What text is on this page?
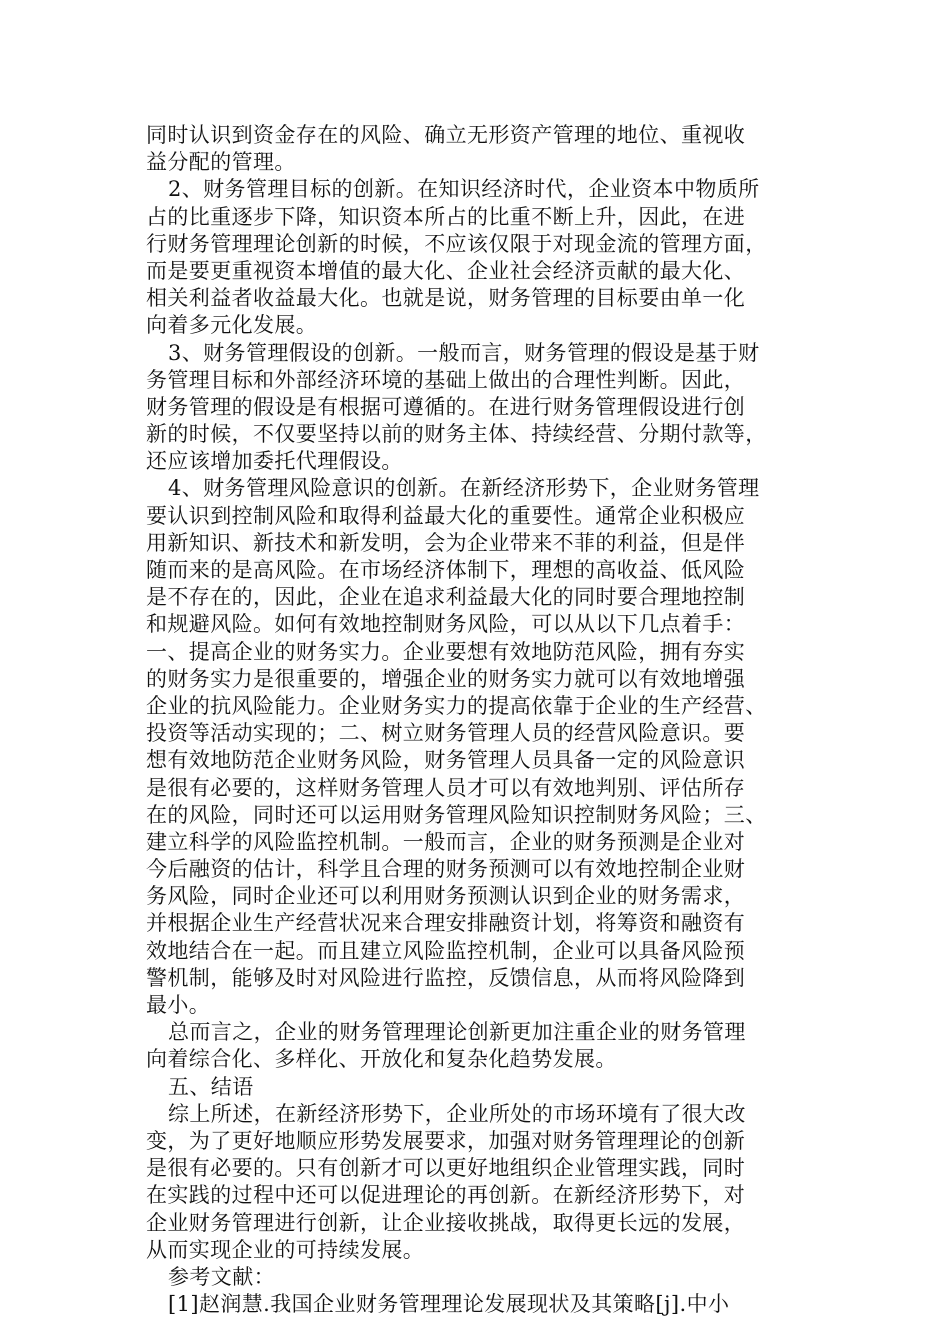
同时认识到资金存在的风险、确立无形资产管理的地位、重视收
益分配的管理。
2、财务管理目标的创新。在知识经济时代，企业资本中物质所
占的比重逐步下降，知识资本所占的比重不断上升，因此，在进
行财务管理理论创新的时候，不应该仅限于对现金流的管理方面，
而是要更重视资本增值的最大化、企业社会经济贡献的最大化、
相关利益者收益最大化。也就是说，财务管理的目标要由单一化
向着多元化发展。
3、财务管理假设的创新。一般而言，财务管理的假设是基于财
务管理目标和外部经济环境的基础上做出的合理性判断。因此，
财务管理的假设是有根据可遵循的。在进行财务管理假设进行创
新的时候，不仅要坚持以前的财务主体、持续经营、分期付款等，
还应该增加委托代理假设。
4、财务管理风险意识的创新。在新经济形势下，企业财务管理
要认识到控制风险和取得利益最大化的重要性。通常企业积极应
用新知识、新技术和新发明，会为企业带来不菲的利益，但是伴
随而来的是高风险。在市场经济体制下，理想的高收益、低风险
是不存在的，因此，企业在追求利益最大化的同时要合理地控制
和规避风险。如何有效地控制财务风险，可以从以下几点着手：
一、提高企业的财务实力。企业要想有效地防范风险，拥有夯实
的财务实力是很重要的，增强企业的财务实力就可以有效地增强
企业的抗风险能力。企业财务实力的提高依靠于企业的生产经营、
投资等活动实现的；二、树立财务管理人员的经营风险意识。要
想有效地防范企业财务风险，财务管理人员具备一定的风险意识
是很有必要的，这样财务管理人员才可以有效地判别、评估所存
在的风险，同时还可以运用财务管理风险知识控制财务风险；三、
建立科学的风险监控机制。一般而言，企业的财务预测是企业对
今后融资的估计，科学且合理的财务预测可以有效地控制企业财
务风险，同时企业还可以利用财务预测认识到企业的财务需求，
并根据企业生产经营状况来合理安排融资计划，将筹资和融资有
效地结合在一起。而且建立风险监控机制，企业可以具备风险预
警机制，能够及时对风险进行监控，反馈信息，从而将风险降到
最小。
总而言之，企业的财务管理理论创新更加注重企业的财务管理
向着综合化、多样化、开放化和复杂化趋势发展。
五、结语
综上所述，在新经济形势下，企业所处的市场环境有了很大改
变，为了更好地顺应形势发展要求，加强对财务管理理论的创新
是很有必要的。只有创新才可以更好地组织企业管理实践，同时
在实践的过程中还可以促进理论的再创新。在新经济形势下，对
企业财务管理进行创新，让企业接收挑战，取得更长远的发展，
从而实现企业的可持续发展。
参考文献：
[1]赵润慧.我国企业财务管理理论发展现状及其策略[j].中小
